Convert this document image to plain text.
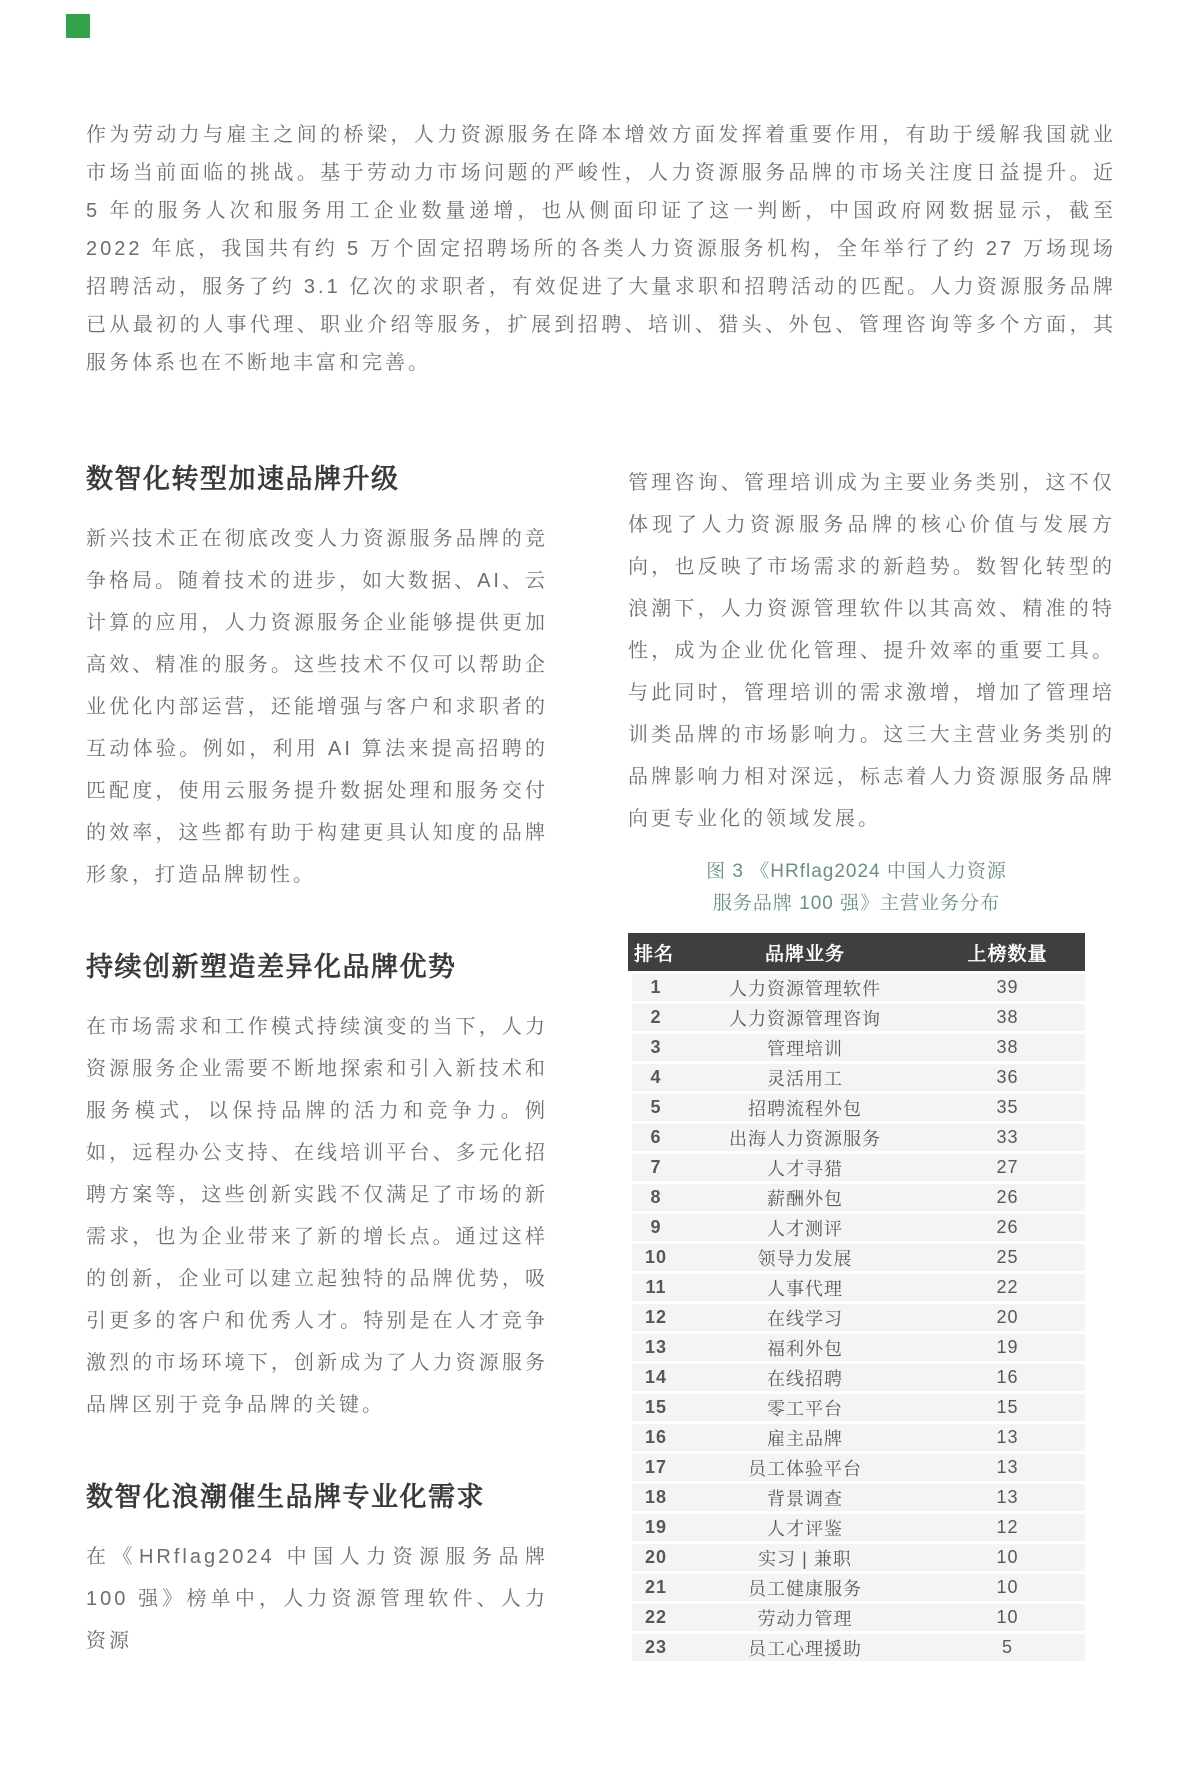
作为劳动力与雇主之间的桥梁，人力资源服务在降本增效方面发挥着重要作用，有助于缓解我国就业市场当前面临的挑战。基于劳动力市场问题的严峻性，人力资源服务品牌的市场关注度日益提升。近 5 年的服务人次和服务用工企业数量递增，也从侧面印证了这一判断，中国政府网数据显示，截至 2022 年底，我国共有约 5 万个固定招聘场所的各类人力资源服务机构，全年举行了约 27 万场现场招聘活动，服务了约 3.1 亿次的求职者，有效促进了大量求职和招聘活动的匹配。人力资源服务品牌已从最初的人事代理、职业介绍等服务，扩展到招聘、培训、猎头、外包、管理咨询等多个方面，其服务体系也在不断地丰富和完善。

数智化转型加速品牌升级

新兴技术正在彻底改变人力资源服务品牌的竞争格局。随着技术的进步，如大数据、AI、云计算的应用，人力资源服务企业能够提供更加高效、精准的服务。这些技术不仅可以帮助企业优化内部运营，还能增强与客户和求职者的互动体验。例如，利用 AI 算法来提高招聘的匹配度，使用云服务提升数据处理和服务交付的效率，这些都有助于构建更具认知度的品牌形象，打造品牌韧性。

持续创新塑造差异化品牌优势

在市场需求和工作模式持续演变的当下，人力资源服务企业需要不断地探索和引入新技术和服务模式，以保持品牌的活力和竞争力。例如，远程办公支持、在线培训平台、多元化招聘方案等，这些创新实践不仅满足了市场的新需求，也为企业带来了新的增长点。通过这样的创新，企业可以建立起独特的品牌优势，吸引更多的客户和优秀人才。特别是在人才竞争激烈的市场环境下，创新成为了人力资源服务品牌区别于竞争品牌的关键。

数智化浪潮催生品牌专业化需求

在《HRflag2024 中国人力资源服务品牌 100 强》榜单中，人力资源管理软件、人力资源

管理咨询、管理培训成为主要业务类别，这不仅体现了人力资源服务品牌的核心价值与发展方向，也反映了市场需求的新趋势。数智化转型的浪潮下，人力资源管理软件以其高效、精准的特性，成为企业优化管理、提升效率的重要工具。与此同时，管理培训的需求激增，增加了管理培训类品牌的市场影响力。这三大主营业务类别的品牌影响力相对深远，标志着人力资源服务品牌向更专业化的领域发展。

图 3 《HRflag2024 中国人力资源
服务品牌 100 强》主营业务分布
排名	品牌业务	上榜数量
1	人力资源管理软件	39
2	人力资源管理咨询	38
3	管理培训	38
4	灵活用工	36
5	招聘流程外包	35
6	出海人力资源服务	33
7	人才寻猎	27
8	薪酬外包	26
9	人才测评	26
10	领导力发展	25
11	人事代理	22
12	在线学习	20
13	福利外包	19
14	在线招聘	16
15	零工平台	15
16	雇主品牌	13
17	员工体验平台	13
18	背景调查	13
19	人才评鉴	12
20	实习 | 兼职	10
21	员工健康服务	10
22	劳动力管理	10
23	员工心理援助	5
